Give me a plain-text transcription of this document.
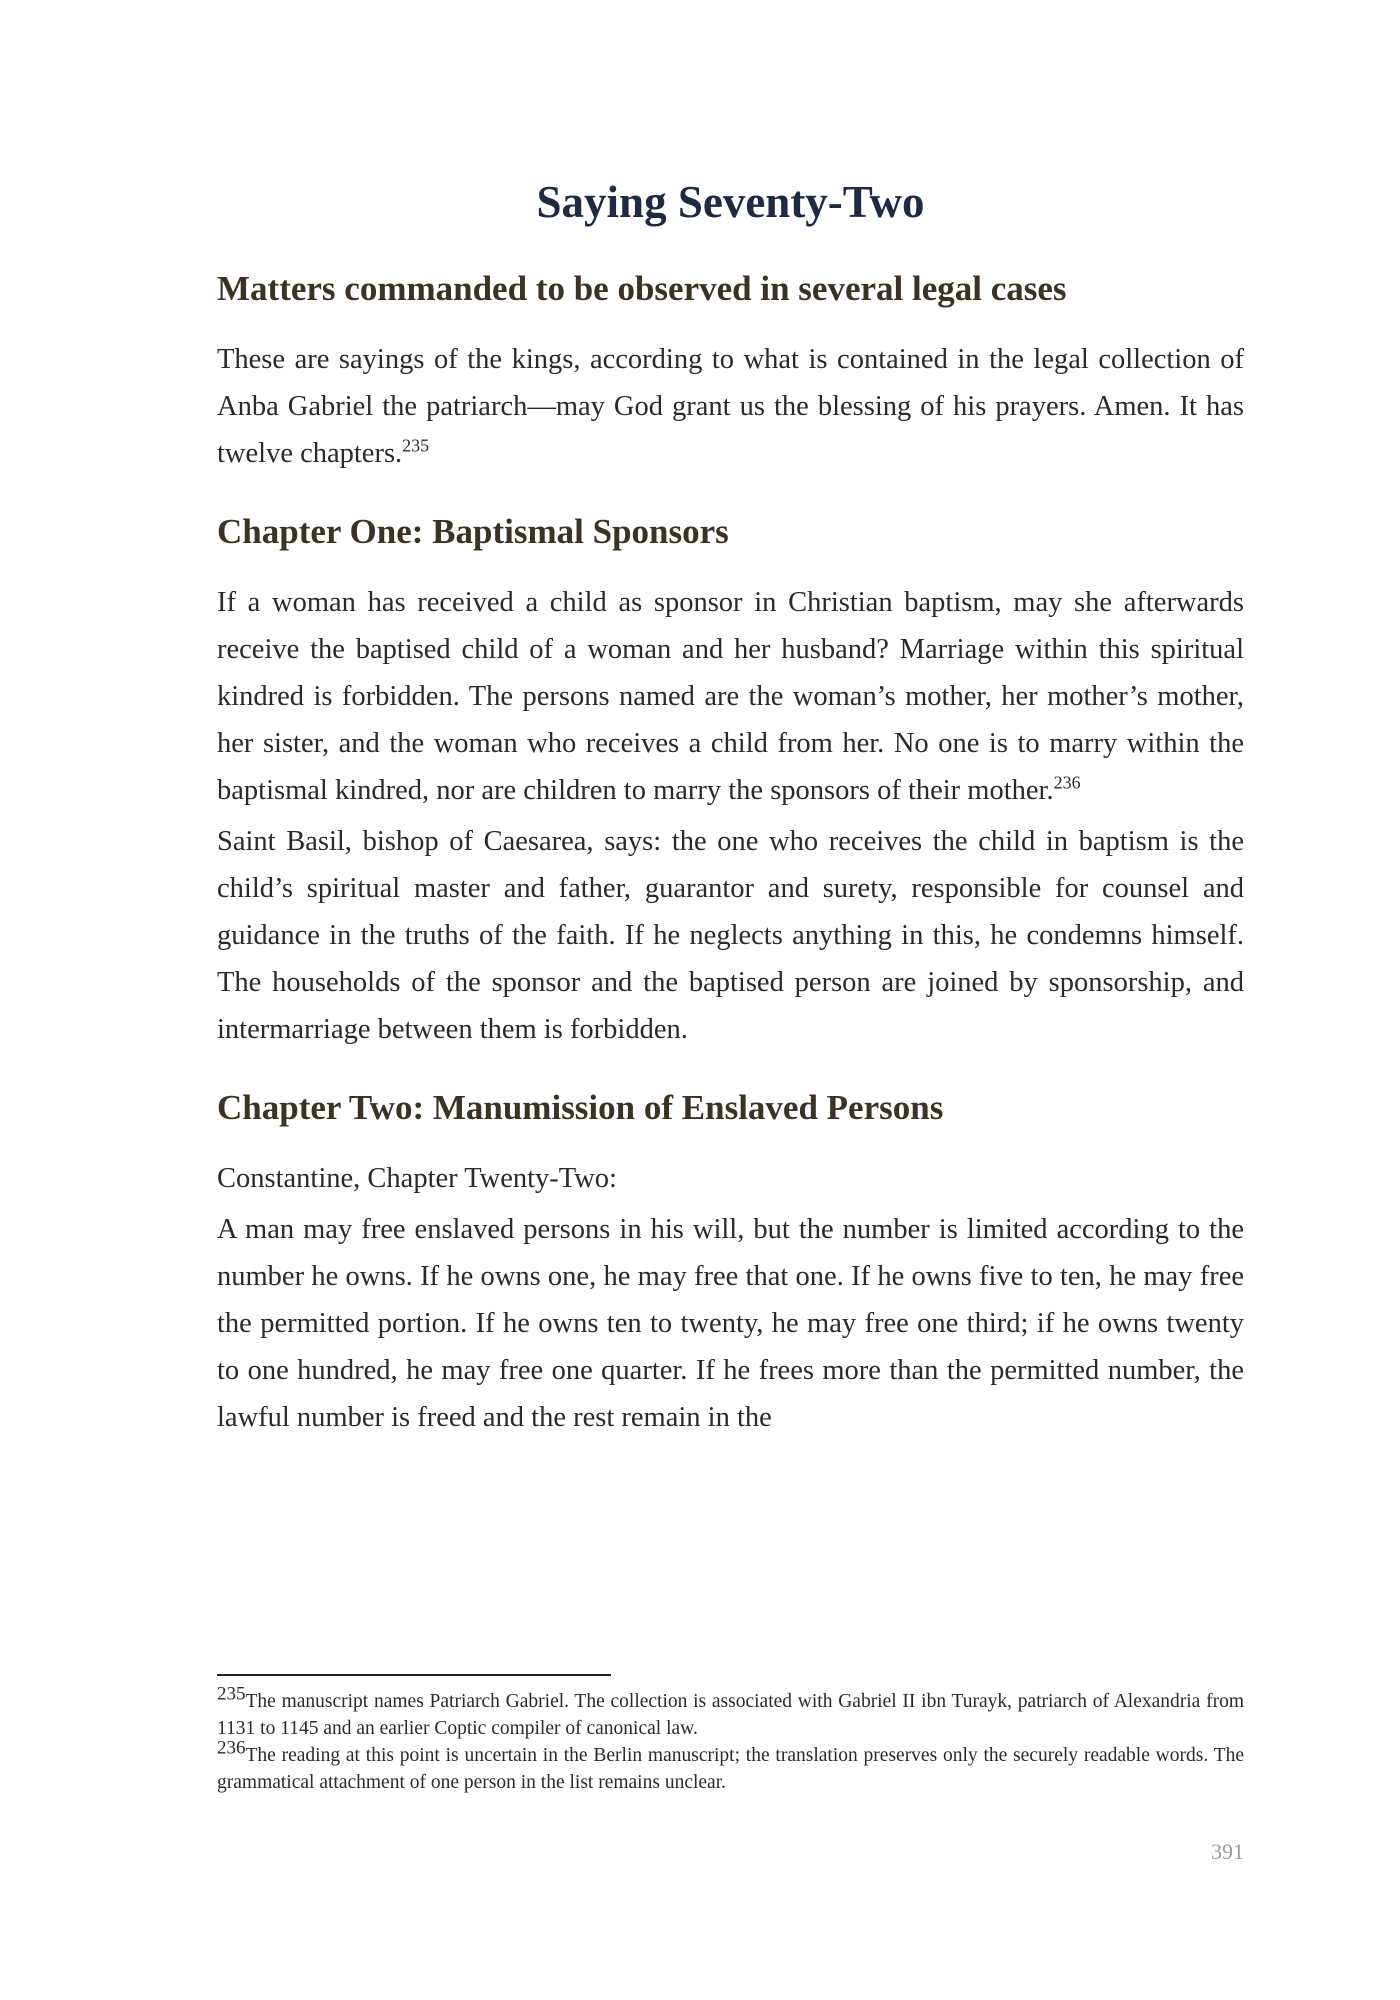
Saying Seventy-Two
Matters commanded to be observed in several legal cases

These are sayings of the kings, according to what is contained in the legal collection of Anba Gabriel the patriarch—may God grant us the blessing of his prayers. Amen. It has twelve chapters.$^{235}$

Chapter One: Baptismal Sponsors

If a woman has received a child as sponsor in Christian baptism, may she afterwards receive the baptised child of a woman and her husband? Marriage within this spiritual kindred is forbidden. The persons named are the woman’s mother, her mother’s mother, her sister, and the woman who receives a child from her. No one is to marry within the baptismal kindred, nor are children to marry the sponsors of their mother.$^{236}$

Saint Basil, bishop of Caesarea, says: the one who receives the child in baptism is the child’s spiritual master and father, guarantor and surety, responsible for counsel and guidance in the truths of the faith. If he neglects anything in this, he condemns himself. The households of the sponsor and the baptised person are joined by sponsorship, and intermarriage between them is forbidden.

Chapter Two: Manumission of Enslaved Persons

Constantine, Chapter Twenty-Two:

A man may free enslaved persons in his will, but the number is limited according to the number he owns. If he owns one, he may free that one. If he owns five to ten, he may free the permitted portion. If he owns ten to twenty, he may free one third; if he owns twenty to one hundred, he may free one quarter. If he frees more than the permitted number, the lawful number is freed and the rest remain in the

$^{235}$The manuscript names Patriarch Gabriel. The collection is associated with Gabriel II ibn Turayk, patriarch of Alexandria from 1131 to 1145 and an earlier Coptic compiler of canonical law.

$^{236}$The reading at this point is uncertain in the Berlin manuscript; the translation preserves only the securely readable words. The grammatical attachment of one person in the list remains unclear.

391
